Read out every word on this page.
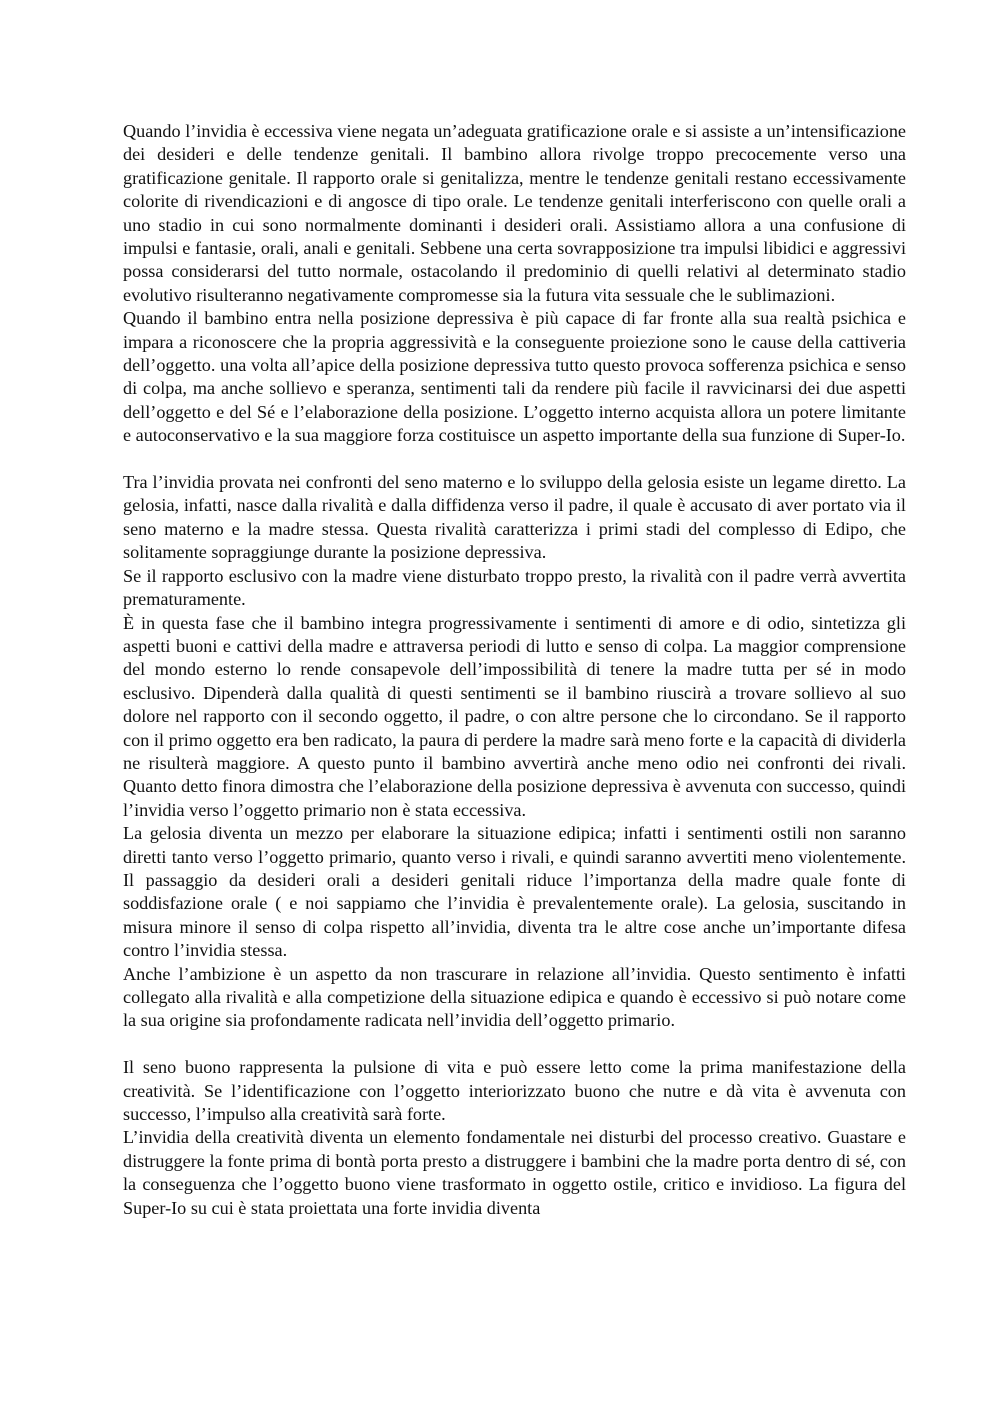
Quando l’invidia è eccessiva viene negata un’adeguata gratificazione orale e si assiste a un’intensificazione dei desideri e delle tendenze genitali. Il bambino allora rivolge troppo precocemente verso una gratificazione genitale. Il rapporto orale si genitalizza, mentre le tendenze genitali restano eccessivamente colorite di rivendicazioni e di angosce di tipo orale. Le tendenze genitali interferiscono con quelle orali a uno stadio in cui sono normalmente dominanti i desideri orali. Assistiamo allora a una confusione di impulsi e fantasie, orali, anali e genitali. Sebbene una certa sovrapposizione tra impulsi libidici e aggressivi possa considerarsi del tutto normale, ostacolando il predominio di quelli relativi al determinato stadio evolutivo risulteranno negativamente compromesse sia la futura vita sessuale che le sublimazioni.

Quando il bambino entra nella posizione depressiva è più capace di far fronte alla sua realtà psichica e impara a riconoscere che la propria aggressività e la conseguente proiezione sono le cause della cattiveria dell’oggetto. una volta all’apice della posizione depressiva tutto questo provoca sofferenza psichica e senso di colpa, ma anche sollievo e speranza, sentimenti tali da rendere più facile il ravvicinarsi dei due aspetti dell’oggetto e del Sé e l’elaborazione della posizione. L’oggetto interno acquista allora un potere limitante e autoconservativo e la sua maggiore forza costituisce un aspetto importante della sua funzione di Super-Io.

Tra l’invidia provata nei confronti del seno materno e lo sviluppo della gelosia esiste un legame diretto. La gelosia, infatti, nasce dalla rivalità e dalla diffidenza verso il padre, il quale è accusato di aver portato via il seno materno e la madre stessa. Questa rivalità caratterizza i primi stadi del complesso di Edipo, che solitamente sopraggiunge durante la posizione depressiva.

Se il rapporto esclusivo con la madre viene disturbato troppo presto, la rivalità con il padre verrà avvertita prematuramente.

È in questa fase che il bambino integra progressivamente i sentimenti di amore e di odio, sintetizza gli aspetti buoni e cattivi della madre e attraversa periodi di lutto e senso di colpa. La maggior comprensione del mondo esterno lo rende consapevole dell’impossibilità di tenere la madre tutta per sé in modo esclusivo. Dipenderà dalla qualità di questi sentimenti se il bambino riuscirà a trovare sollievo al suo dolore nel rapporto con il secondo oggetto, il padre, o con altre persone che lo circondano. Se il rapporto con il primo oggetto era ben radicato, la paura di perdere la madre sarà meno forte e la capacità di dividerla ne risulterà maggiore. A questo punto il bambino avvertirà anche meno odio nei confronti dei rivali. Quanto detto finora dimostra che l’elaborazione della posizione depressiva è avvenuta con successo, quindi l’invidia verso l’oggetto primario non è stata eccessiva.

La gelosia diventa un mezzo per elaborare la situazione edipica; infatti i sentimenti ostili non saranno diretti tanto verso l’oggetto primario, quanto verso i rivali, e quindi saranno avvertiti meno violentemente. Il passaggio da desideri orali a desideri genitali riduce l’importanza della madre quale fonte di soddisfazione orale ( e noi sappiamo che l’invidia è prevalentemente orale). La gelosia, suscitando in misura minore il senso di colpa rispetto all’invidia, diventa tra le altre cose anche un’importante difesa contro l’invidia stessa.

Anche l’ambizione è un aspetto da non trascurare in relazione all’invidia. Questo sentimento è infatti collegato alla rivalità e alla competizione della situazione edipica e quando è eccessivo si può notare come la sua origine sia profondamente radicata nell’invidia dell’oggetto primario.

Il seno buono rappresenta la pulsione di vita e può essere letto come la prima manifestazione della creatività. Se l’identificazione con l’oggetto interiorizzato buono che nutre e dà vita è avvenuta con successo, l’impulso alla creatività sarà forte.

L’invidia della creatività diventa un elemento fondamentale nei disturbi del processo creativo. Guastare e distruggere la fonte prima di bontà porta presto a distruggere i bambini che la madre porta dentro di sé, con la conseguenza che l’oggetto buono viene trasformato in oggetto ostile, critico e invidioso. La figura del Super-Io su cui è stata proiettata una forte invidia diventa
